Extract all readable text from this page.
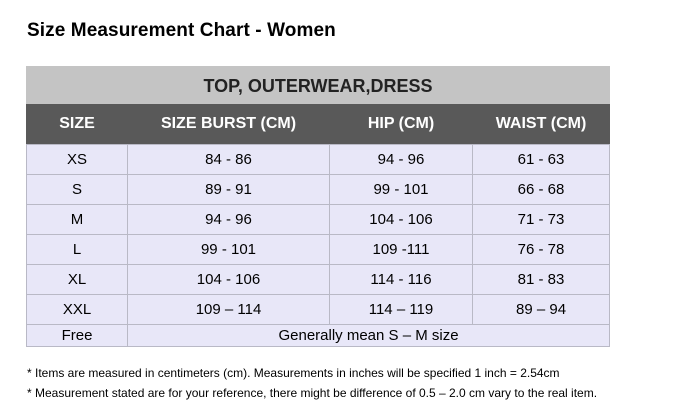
Size Measurement Chart - Women
TOP, OUTERWEAR,DRESS			
SIZE	SIZE BURST (CM)	HIP (CM)	WAIST (CM)
XS	84 - 86	94 - 96	61 - 63
S	89 - 91	99 - 101	66 - 68
M	94 - 96	104 - 106	71 - 73
L	99 - 101	109 -111	76 - 78
XL	104 - 106	114 - 116	81 - 83
XXL	109 – 114	114 – 119	89 – 94
Free	Generally mean S – M size		
* Items are measured in centimeters (cm). Measurements in inches will be specified 1 inch = 2.54cm
* Measurement stated are for your reference, there might be difference of 0.5 – 2.0 cm vary to the real item.
